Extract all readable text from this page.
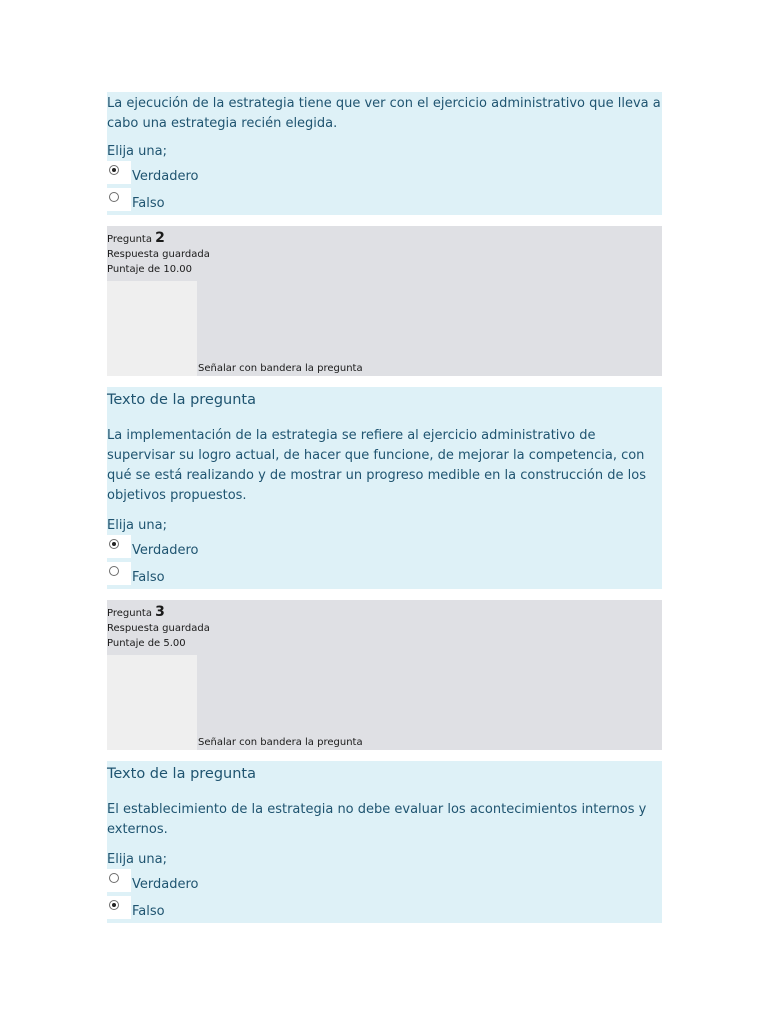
La ejecución de la estrategia tiene que ver con el ejercicio administrativo que lleva a cabo una estrategia recién elegida.

Elija una;

Verdadero
Falso
Pregunta 2
Respuesta guardada
Puntaje de 10.00
Señalar con bandera la pregunta

Texto de la pregunta

La implementación de la estrategia se refiere al ejercicio administrativo de supervisar su logro actual, de hacer que funcione, de mejorar la competencia, con qué se está realizando y de mostrar un progreso medible en la construcción de los objetivos propuestos.

Elija una;

Verdadero
Falso
Pregunta 3
Respuesta guardada
Puntaje de 5.00
Señalar con bandera la pregunta

Texto de la pregunta

El establecimiento de la estrategia no debe evaluar los acontecimientos internos y externos.

Elija una;

Verdadero
Falso
